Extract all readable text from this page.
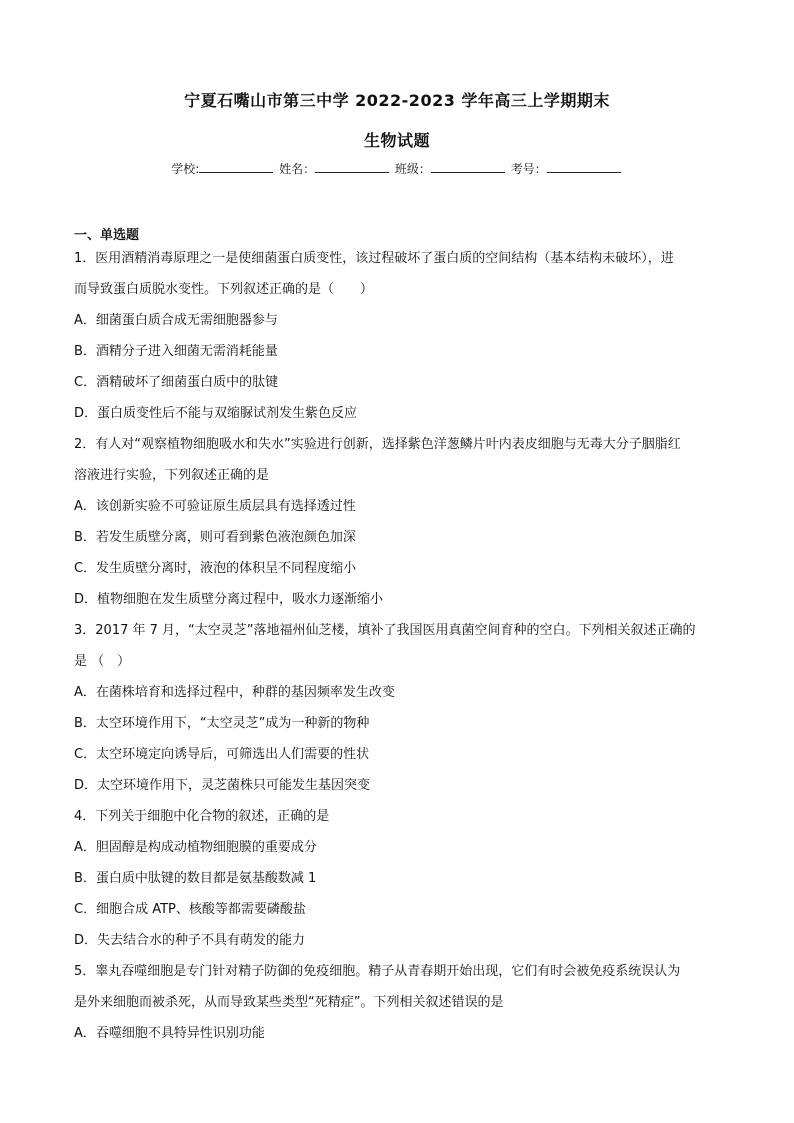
宁夏石嘴山市第三中学 2022-2023 学年高三上学期期末
生物试题
学校:	姓名：	班级：	考号：
一、单选题
1．医用酒精消毒原理之一是使细菌蛋白质变性，该过程破坏了蛋白质的空间结构（基本结构未破坏），进
而导致蛋白质脱水变性。下列叙述正确的是（　　）
A．细菌蛋白质合成无需细胞器参与
B．酒精分子进入细菌无需消耗能量
C．酒精破坏了细菌蛋白质中的肽键
D．蛋白质变性后不能与双缩脲试剂发生紫色反应
2．有人对“观察植物细胞吸水和失水”实验进行创新，选择紫色洋葱鳞片叶内表皮细胞与无毒大分子胭脂红
溶液进行实验，下列叙述正确的是
A．该创新实验不可验证原生质层具有选择透过性
B．若发生质壁分离，则可看到紫色液泡颜色加深
C．发生质壁分离时，液泡的体积呈不同程度缩小
D．植物细胞在发生质壁分离过程中，吸水力逐渐缩小
3．2017 年 7 月，“太空灵芝”落地福州仙芝楼，填补了我国医用真菌空间育种的空白。下列相关叙述正确的
是 （　）
A．在菌株培育和选择过程中，种群的基因频率发生改变
B．太空环境作用下，“太空灵芝”成为一种新的物种
C．太空环境定向诱导后，可筛选出人们需要的性状
D．太空环境作用下，灵芝菌株只可能发生基因突变
4．下列关于细胞中化合物的叙述，正确的是
A．胆固醇是构成动植物细胞膜的重要成分
B．蛋白质中肽键的数目都是氨基酸数减 1
C．细胞合成 ATP、核酸等都需要磷酸盐
D．失去结合水的种子不具有萌发的能力
5．睾丸吞噬细胞是专门针对精子防御的免疫细胞。精子从青春期开始出现，它们有时会被免疫系统误认为
是外来细胞而被杀死，从而导致某些类型“死精症”。下列相关叙述错误的是
A．吞噬细胞不具特异性识别功能
